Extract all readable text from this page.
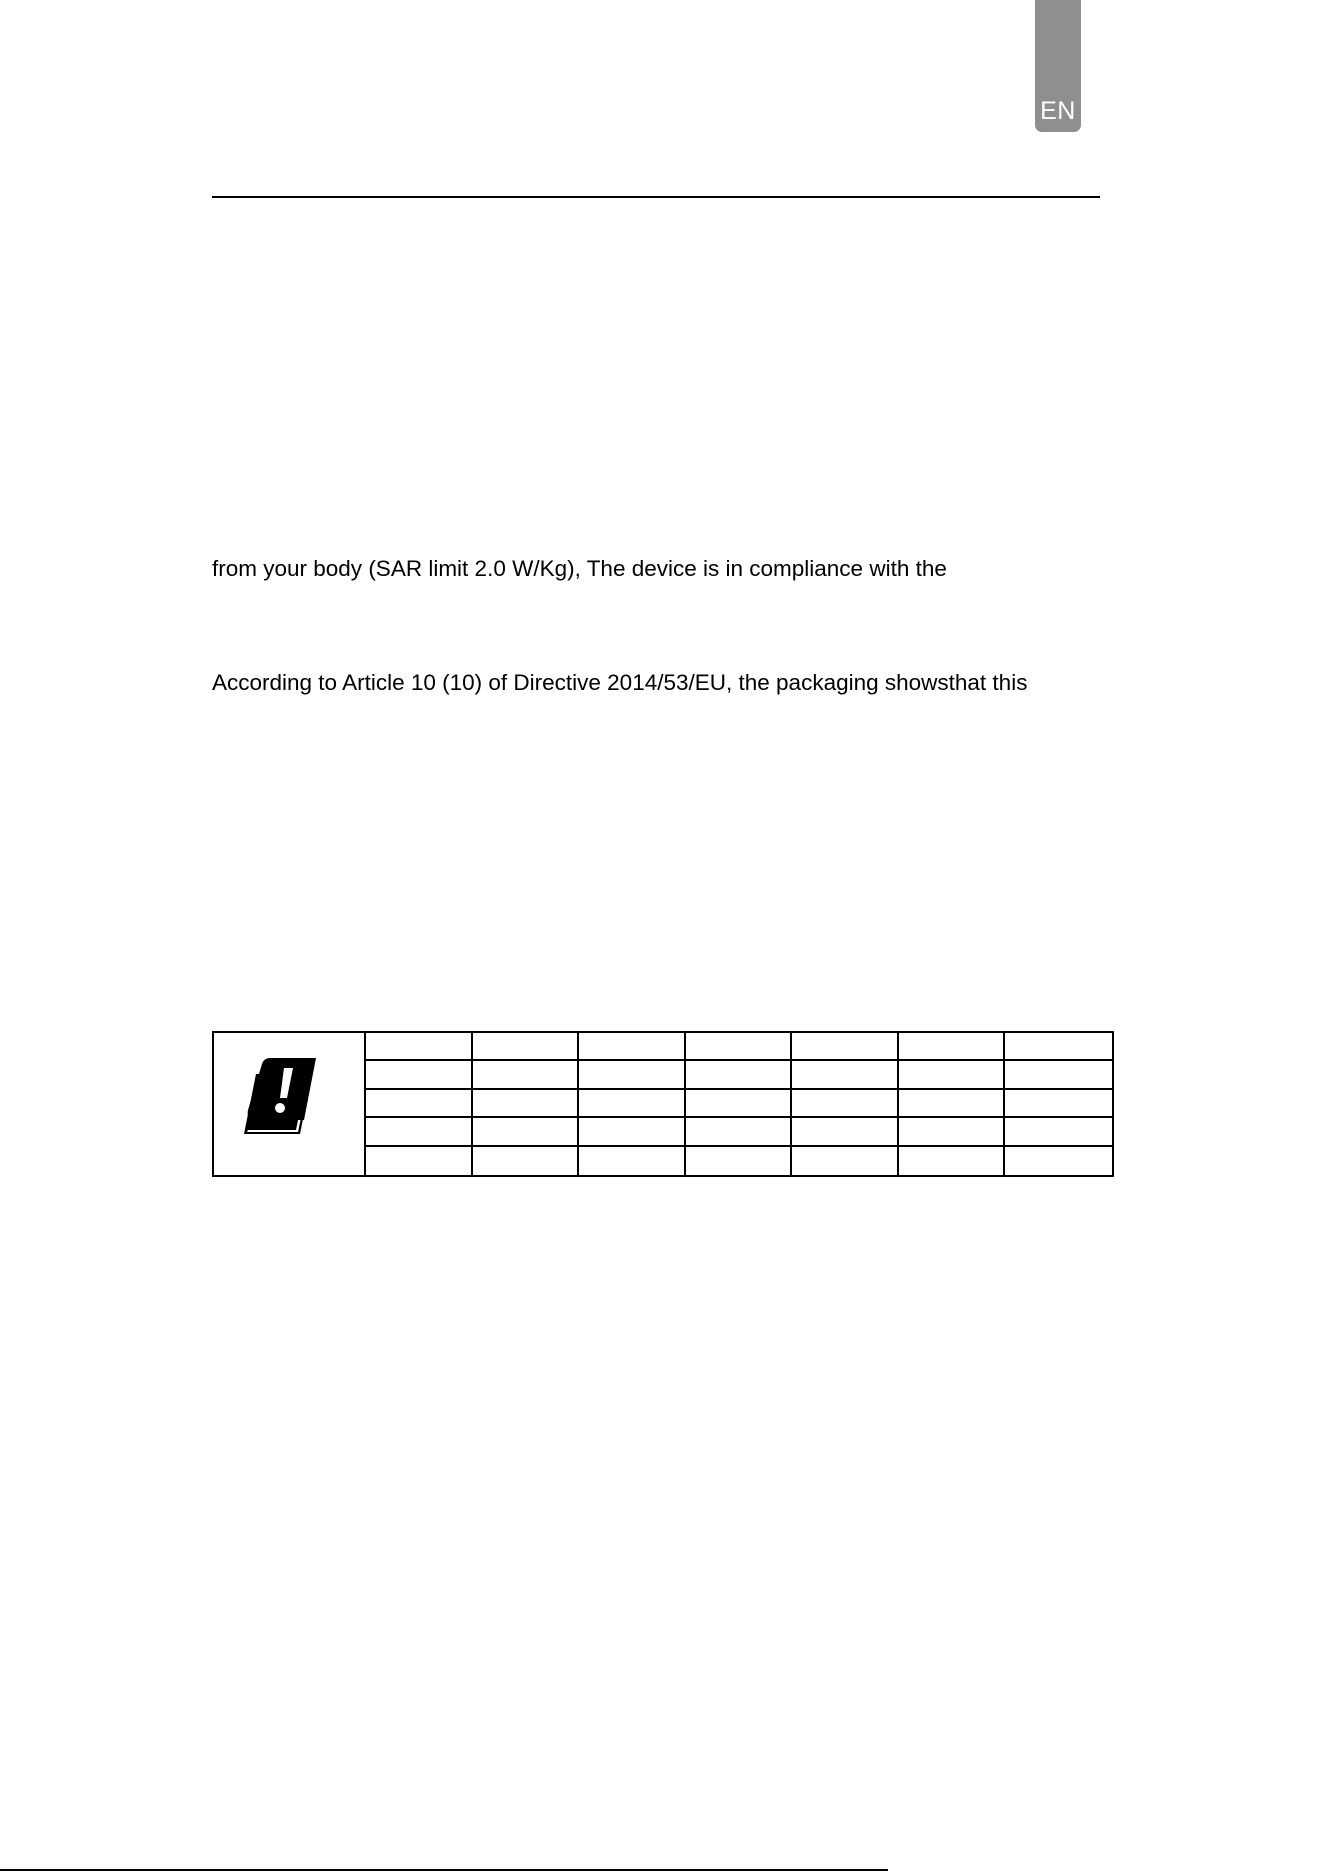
EN
from your body (SAR limit 2.0 W/Kg), The device is in compliance with the
According to Article 10 (10) of Directive 2014/53/EU, the packaging showsthat this
